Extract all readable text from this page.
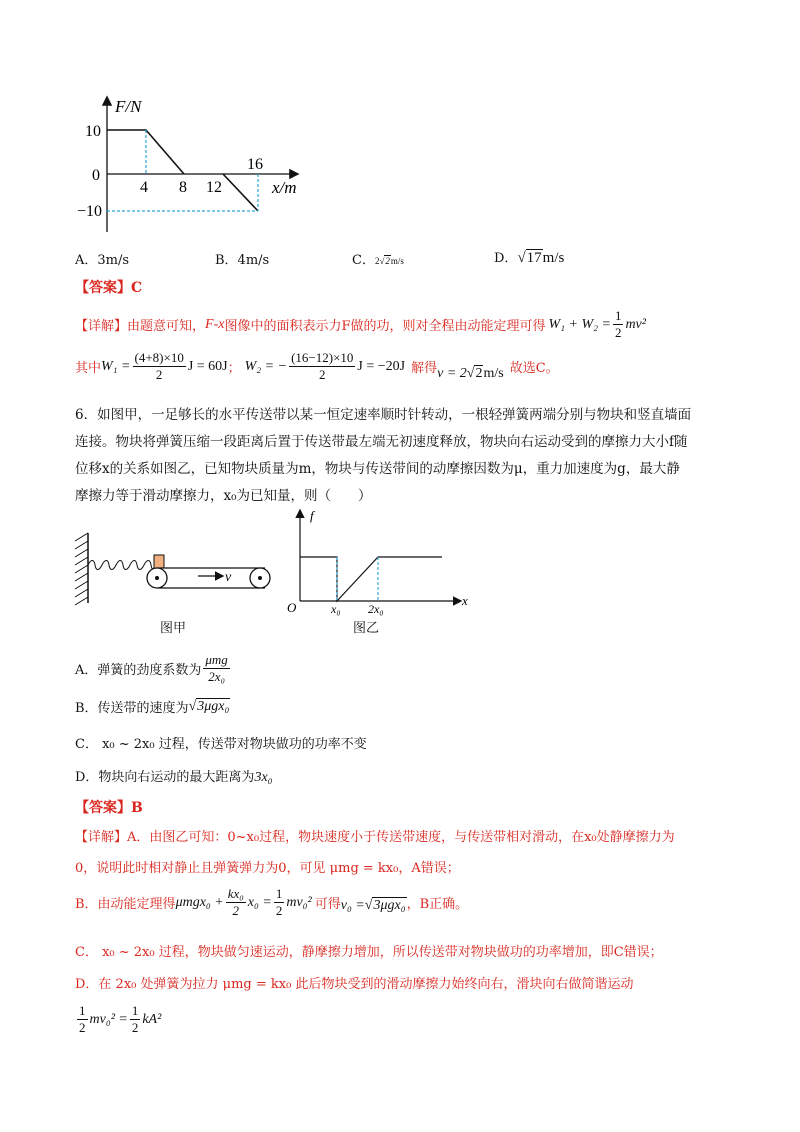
F/N
10
0
−10
4 8 12
16
x/m
A．3m/s	B．4m/s	C．2√2m/s	D．√17m/s
【答案】C
【详解】由题意可知， F-x 图像中的面积表示力F做的功，则对全程由动能定理可得 $W_1 + W_2 = \frac{1}{2} mv^2$
其中 $W_1 = \frac{(4+8)\times 10}{2}$ J = 60J ； W₂ = − $\frac{(16-12)\times 10}{2}$ J = −20J 解得 v = 2 √2 m/s 故选C。
6．如图甲，一足够长的水平传送带以某一恒定速率顺时针转动，一根轻弹簧两端分别与物块和竖直墙面
连接。物块将弹簧压缩一段距离后置于传送带最左端无初速度释放，物块向右运动受到的摩擦力大小f随
位移x的关系如图乙，已知物块质量为m，物块与传送带间的动摩擦因数为μ，重力加速度为g，最大静
摩擦力等于滑动摩擦力，x₀为已知量，则（　　）
v
图甲
f
x
O	x₀ 2x₀
图乙
A．弹簧的劲度系数为 $\frac{\text{μmg}}{\text{2x₀}}$
B．传送带的速度为 √3μgx₀
C． x₀ ~ 2x₀ 过程，传送带对物块做功的功率不变
D．物块向右运动的最大距离为3x₀
【答案】B
【详解】A．由图乙可知：0~x₀过程，物块速度小于传送带速度，与传送带相对滑动，在x₀处静摩擦力为
0，说明此时相对静止且弹簧弹力为0，可见 μmg = kx₀，A错误；
B．由动能定理得 $\mu mgx_0 + \frac{\text{kx₀}}{2} x_0 = \frac{1}{2} mv_0^2$ 可得 v₀ = √3μgx₀ ，B正确。
C． x₀ ~ 2x₀ 过程，物块做匀速运动，静摩擦力增加，所以传送带对物块做功的功率增加，即C错误；
D．在 2x₀ 处弹簧为拉力 μmg = kx₀ 此后物块受到的滑动摩擦力始终向右，滑块向右做简谐运动
$\frac{1}{2} mv_0^2 = \frac{1}{2} kA^2$
